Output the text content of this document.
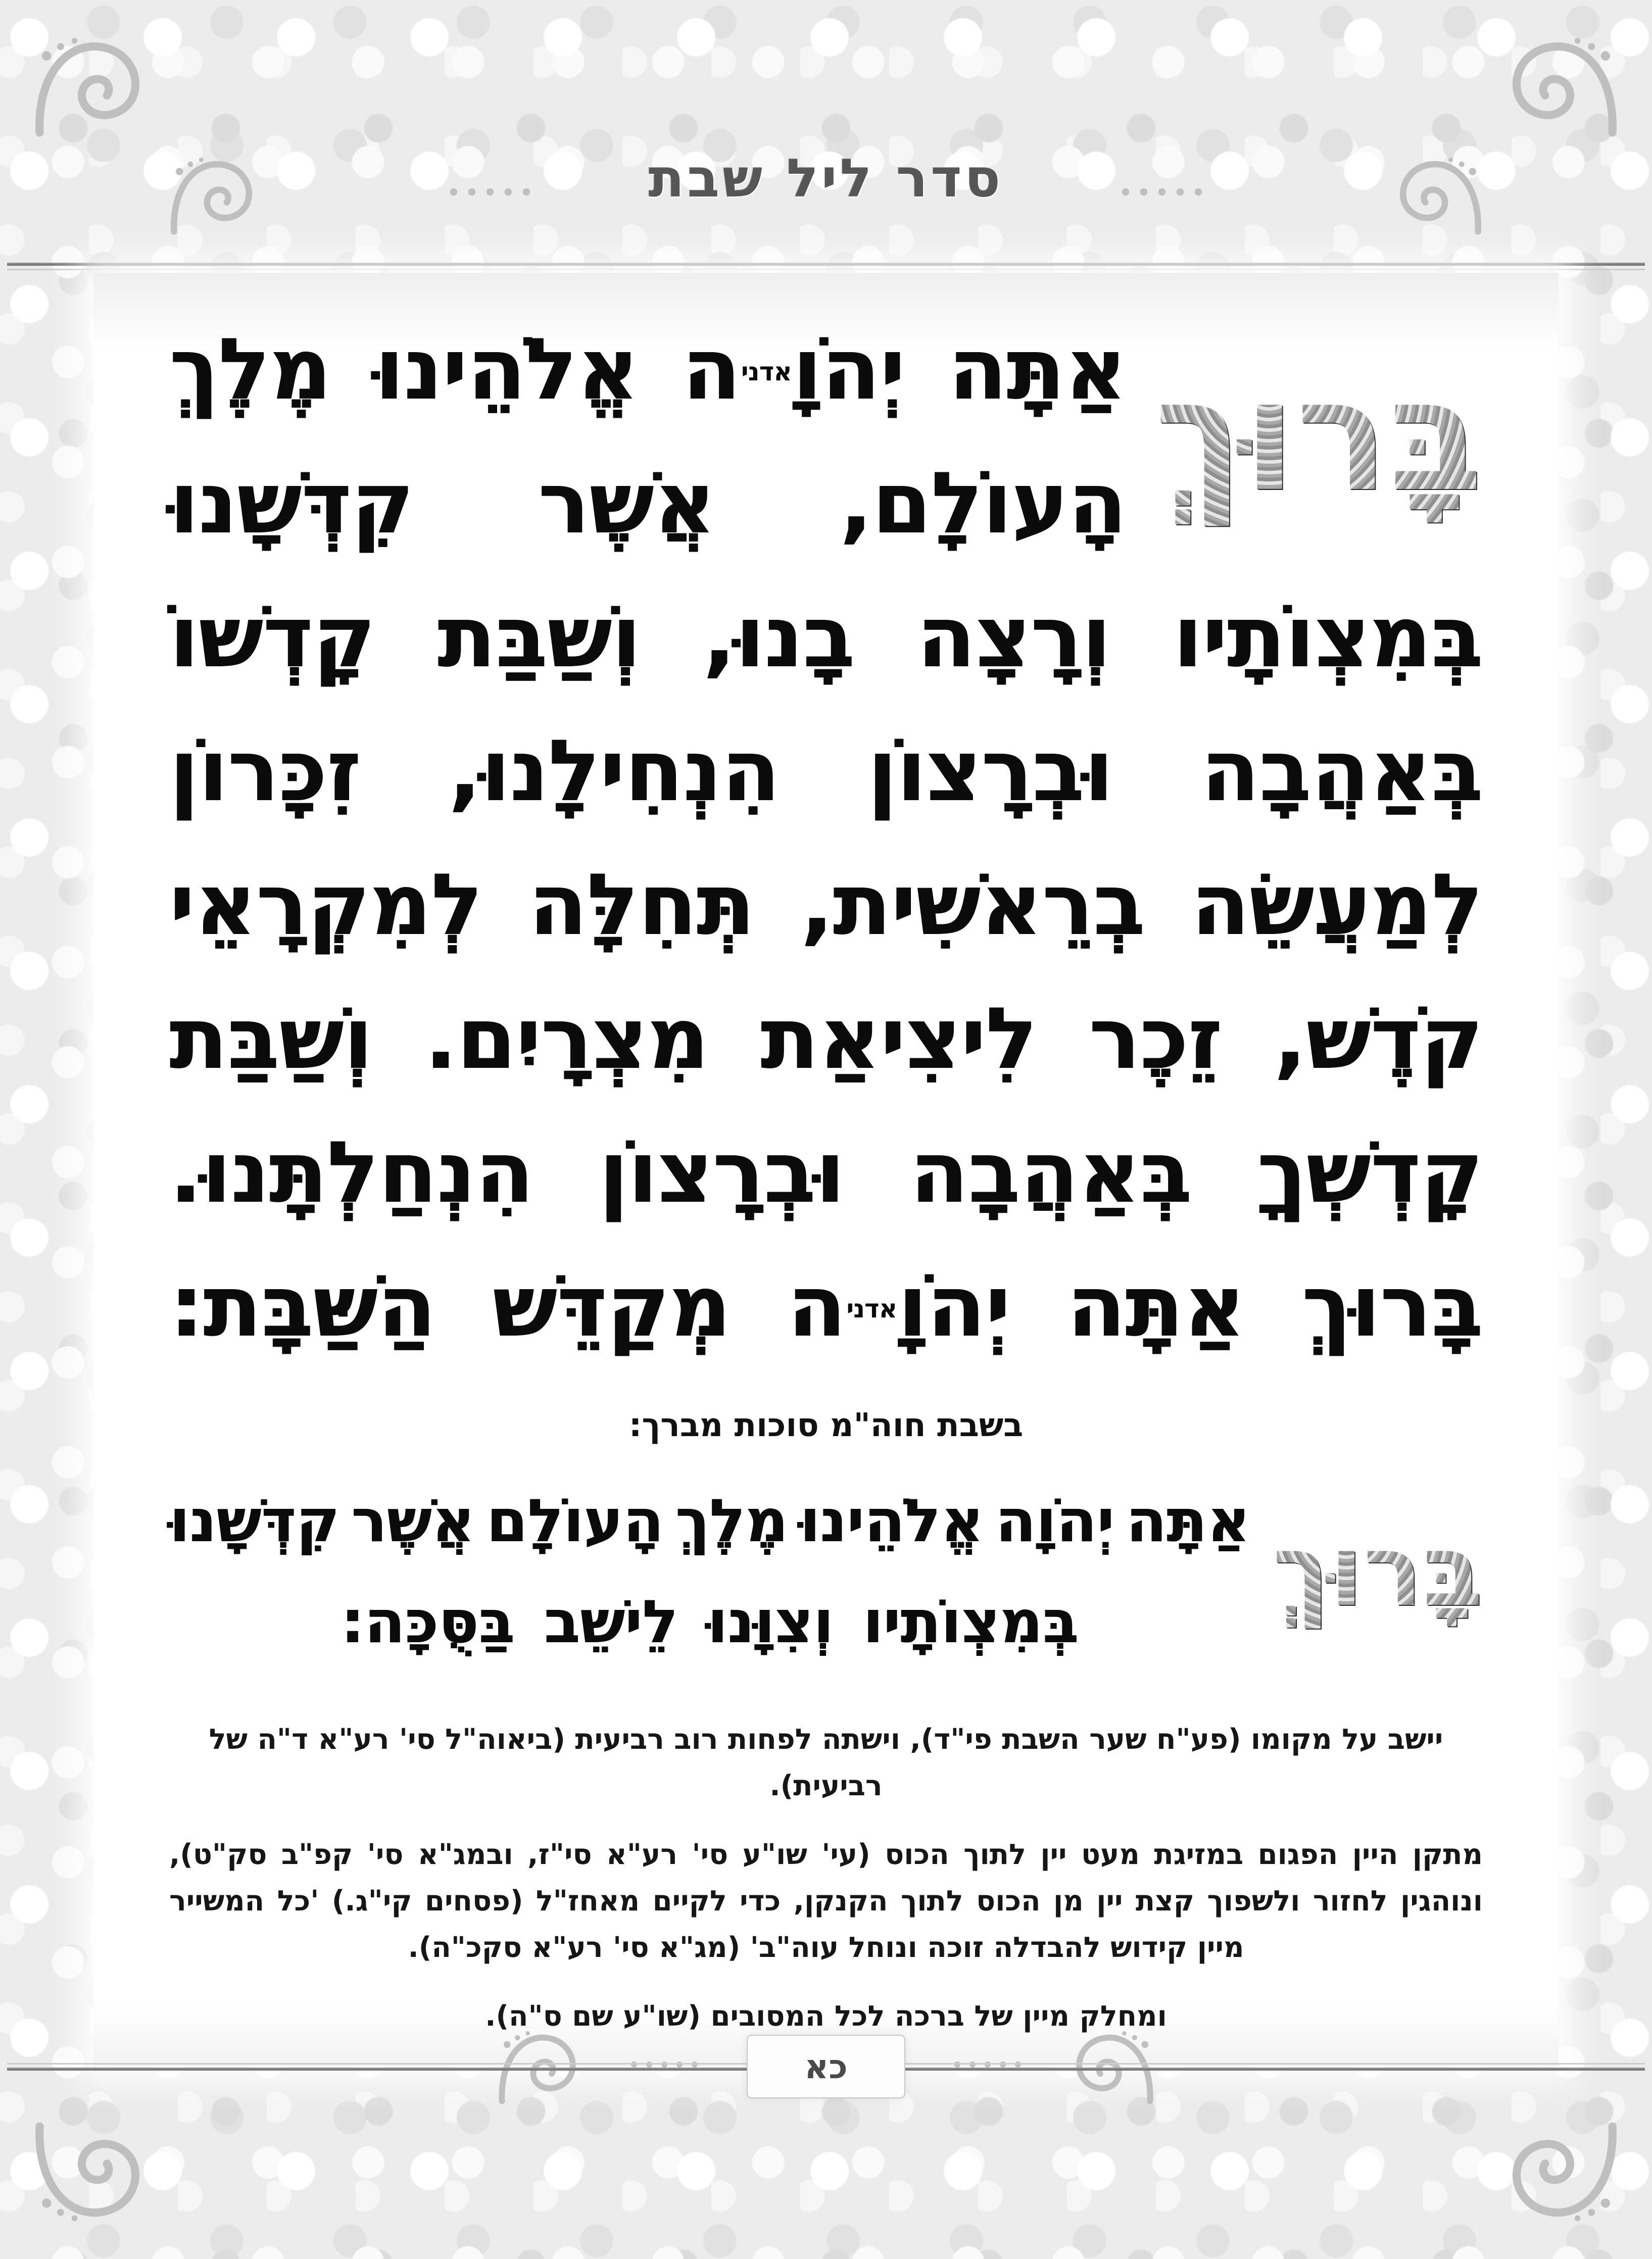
סדר ליל שבת
בָּרוּךְ
אַתָּה
יְהֹוָ
אדני
ה
אֱלֹהֵינוּ
מֶלֶךְ
הָעוֹלָם,
אֲשֶׁר
קִדְּשָׁנוּ
בְּמִצְוֹתָיו
וְרָצָה
בָנוּ,
וְשַׁבַּת
קָדְשׁוֹ
בְּאַהֲבָה
וּבְרָצוֹן
הִנְחִילָנוּ,
זִכָּרוֹן
לְמַעֲשֵׂה
בְרֵאשִׁית,
תְּחִלָּה
לְמִקְרָאֵי
קֹדֶשׁ,
זֵכֶר
לִיצִיאַת
מִצְרָיִם.
וְשַׁבַּת
קָדְשְׁךָ
בְּאַהֲבָה
וּבְרָצוֹן
הִנְחַלְתָּנוּ.
בָּרוּךְ
אַתָּה
יְהֹוָ
אדני
ה
מְקַדֵּשׁ
הַשַּׁבָּת:
בשבת חוה"מ סוכות מברך:
בָּרוּךְ
אַתָּה
יְהֹוָה
אֱלֹהֵינוּ
מֶלֶךְ
הָעוֹלָם
אֲשֶׁר
קִדְּשָׁנוּ
בְּמִצְוֹתָיו
וְצִוָּנוּ
לֵישֵׁב
בַּסֻּכָּה:

יישב על מקומו (פע"ח שער השבת פי"ד), וישתה לפחות רוב רביעית (ביאוה"ל סי' רע"א ד"ה של רביעית).

מתקן היין הפגום במזיגת מעט יין לתוך הכוס (עי' שו"ע סי' רע"א סי"ז, ובמג"א סי' קפ"ב סק"ט), ונוהגין לחזור ולשפוך קצת יין מן הכוס לתוך הקנקן, כדי לקיים מאחז"ל (פסחים קי"ג.) 'כל המשייר מיין קידוש להבדלה זוכה ונוחל עוה"ב' (מג"א סי' רע"א סקכ"ה).

ומחלק מיין של ברכה לכל המסובים (שו"ע שם ס"ה).

כא
